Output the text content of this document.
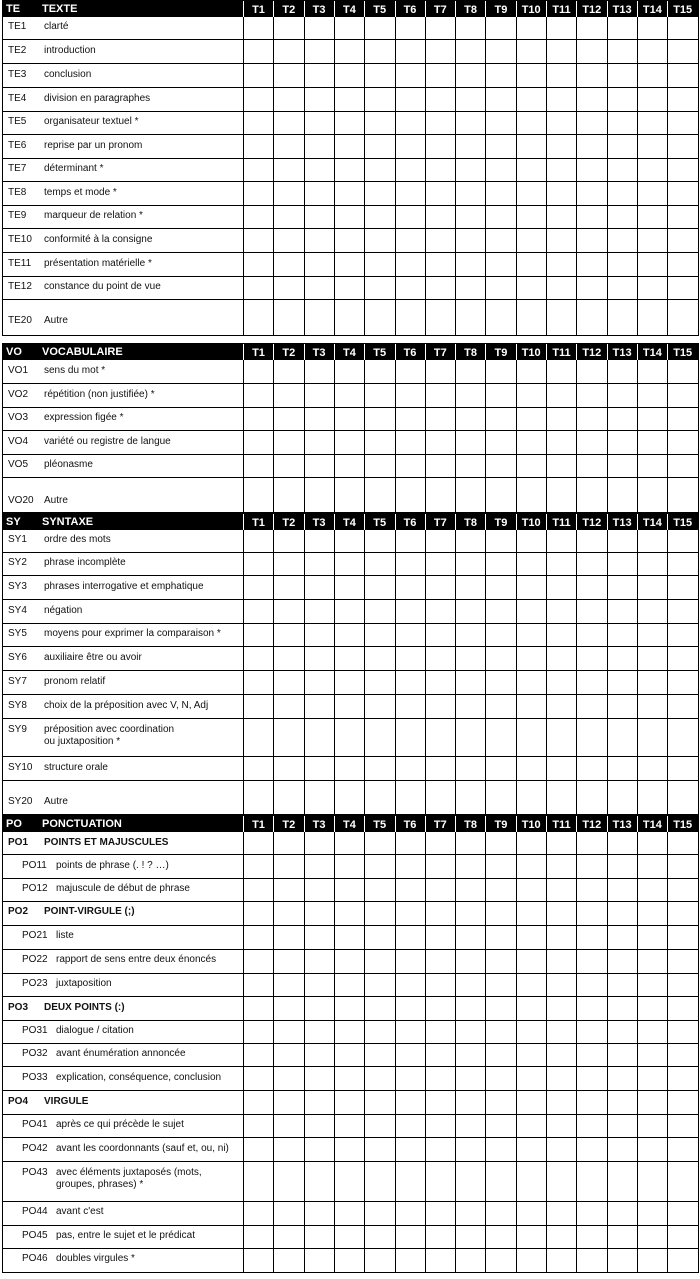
TE TEXTE	T1	T2	T3	T4	T5	T6	T7	T8	T9	T10	T11	T12	T13	T14	T15
TE1 clarté
TE2 introduction
TE3 conclusion
TE4 division en paragraphes
TE5 organisateur textuel *
TE6 reprise par un pronom
TE7 déterminant *
TE8 temps et mode *
TE9 marqueur de relation *
TE10 conformité à la consigne
TE11 présentation matérielle *
TE12 constance du point de vue
TE20 Autre
VO VOCABULAIRE	T1	T2	T3	T4	T5	T6	T7	T8	T9	T10	T11	T12	T13	T14	T15
VO1 sens du mot *
VO2 répétition (non justifiée) *
VO3 expression figée *
VO4 variété ou registre de langue
VO5 pléonasme
VO20 Autre
SY SYNTAXE	T1	T2	T3	T4	T5	T6	T7	T8	T9	T10	T11	T12	T13	T14	T15
SY1 ordre des mots
SY2 phrase incomplète
SY3 phrases interrogative et emphatique
SY4 négation
SY5 moyens pour exprimer la comparaison *
SY6 auxiliaire être ou avoir
SY7 pronom relatif
SY8 choix de la préposition avec V, N, Adj
SY9 préposition avec coordination
ou juxtaposition *
SY10 structure orale
SY20 Autre
PO PONCTUATION	T1	T2	T3	T4	T5	T6	T7	T8	T9	T10	T11	T12	T13	T14	T15
PO1 POINTS ET MAJUSCULES
PO11 points de phrase (. ! ? …)
PO12 majuscule de début de phrase
PO2 POINT-VIRGULE (;)
PO21 liste
PO22 rapport de sens entre deux énoncés
PO23 juxtaposition
PO3 DEUX POINTS (:)
PO31 dialogue / citation
PO32 avant énumération annoncée
PO33 explication, conséquence, conclusion
PO4 VIRGULE
PO41 après ce qui précède le sujet
PO42 avant les coordonnants (sauf et, ou, ni)
PO43 avec éléments juxtaposés (mots,
groupes, phrases) *
PO44 avant c'est
PO45 pas, entre le sujet et le prédicat
PO46 doubles virgules *
